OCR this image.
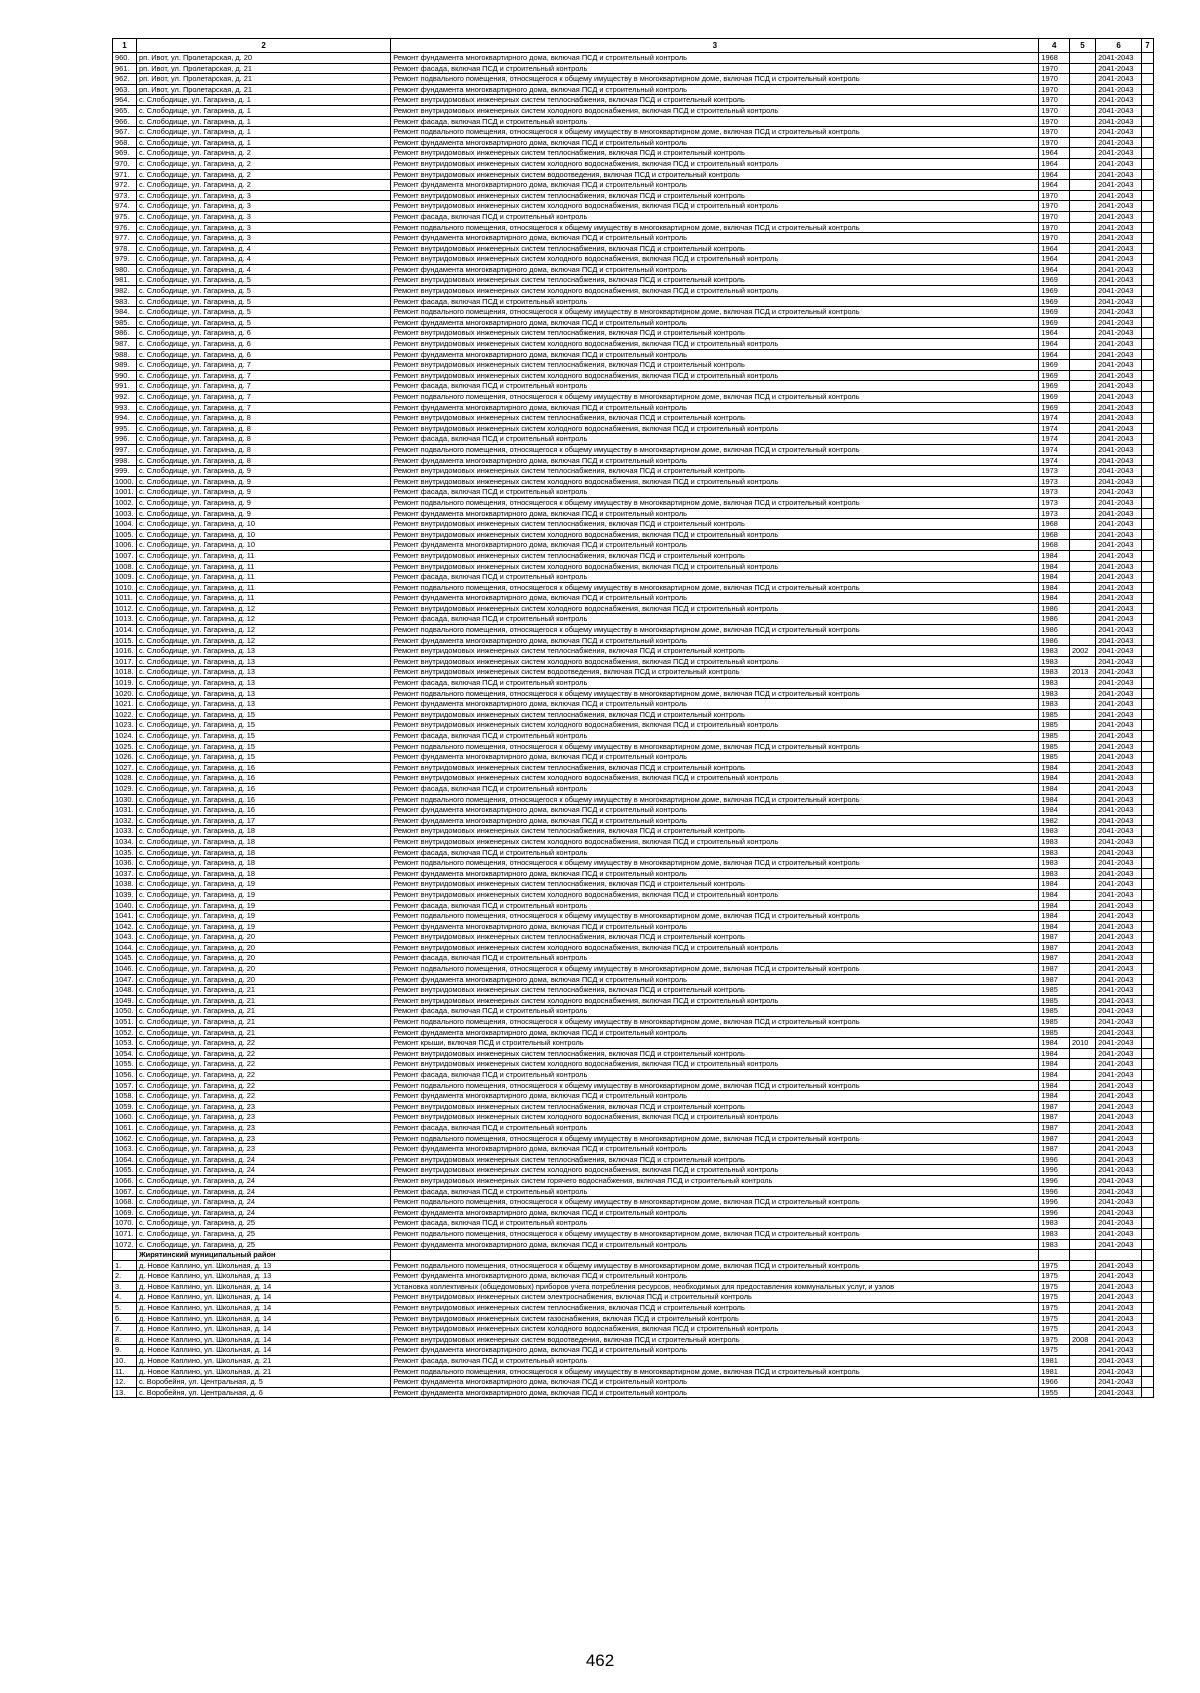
1	2	3	4	5	6	7
960.	рп. Ивот, ул. Пролетарская, д. 20	Ремонт фундамента многоквартирного дома, включая ПСД и строительный контроль	1968		2041-2043	
961.	рп. Ивот, ул. Пролетарская, д. 21	Ремонт фасада, включая ПСД и строительный контроль	1970		2041-2043	
962.	рп. Ивот, ул. Пролетарская, д. 21	Ремонт подвального помещения, относящегося к общему имуществу в многоквартирном доме, включая ПСД и строительный контроль	1970		2041-2043	
963.	рп. Ивот, ул. Пролетарская, д. 21	Ремонт фундамента многоквартирного дома, включая ПСД и строительный контроль	1970		2041-2043	
964.	с. Слободище, ул. Гагарина, д. 1	Ремонт внутридомовых инженерных систем теплоснабжения, включая ПСД и строительный контроль	1970		2041-2043	
965.	с. Слободище, ул. Гагарина, д. 1	Ремонт внутридомовых инженерных систем холодного водоснабжения, включая ПСД и строительный контроль	1970		2041-2043	
966.	с. Слободище, ул. Гагарина, д. 1	Ремонт фасада, включая ПСД и строительный контроль	1970		2041-2043	
967.	с. Слободище, ул. Гагарина, д. 1	Ремонт подвального помещения, относящегося к общему имуществу в многоквартирном доме, включая ПСД и строительный контроль	1970		2041-2043	
968.	с. Слободище, ул. Гагарина, д. 1	Ремонт фундамента многоквартирного дома, включая ПСД и строительный контроль	1970		2041-2043	
969.	с. Слободище, ул. Гагарина, д. 2	Ремонт внутридомовых инженерных систем теплоснабжения, включая ПСД и строительный контроль	1964		2041-2043	
970.	с. Слободище, ул. Гагарина, д. 2	Ремонт внутридомовых инженерных систем холодного водоснабжения, включая ПСД и строительный контроль	1964		2041-2043	
971.	с. Слободище, ул. Гагарина, д. 2	Ремонт внутридомовых инженерных систем водоотведения, включая ПСД и строительный контроль	1964		2041-2043	
972.	с. Слободище, ул. Гагарина, д. 2	Ремонт фундамента многоквартирного дома, включая ПСД и строительный контроль	1964		2041-2043	
973.	с. Слободище, ул. Гагарина, д. 3	Ремонт внутридомовых инженерных систем теплоснабжения, включая ПСД и строительный контроль	1970		2041-2043	
974.	с. Слободище, ул. Гагарина, д. 3	Ремонт внутридомовых инженерных систем холодного водоснабжения, включая ПСД и строительный контроль	1970		2041-2043	
975.	с. Слободище, ул. Гагарина, д. 3	Ремонт фасада, включая ПСД и строительный контроль	1970		2041-2043	
976.	с. Слободище, ул. Гагарина, д. 3	Ремонт подвального помещения, относящегося к общему имуществу в многоквартирном доме, включая ПСД и строительный контроль	1970		2041-2043	
977.	с. Слободище, ул. Гагарина, д. 3	Ремонт фундамента многоквартирного дома, включая ПСД и строительный контроль	1970		2041-2043	
978.	с. Слободище, ул. Гагарина, д. 4	Ремонт внутридомовых инженерных систем теплоснабжения, включая ПСД и строительный контроль	1964		2041-2043	
979.	с. Слободище, ул. Гагарина, д. 4	Ремонт внутридомовых инженерных систем холодного водоснабжения, включая ПСД и строительный контроль	1964		2041-2043	
980.	с. Слободище, ул. Гагарина, д. 4	Ремонт фундамента многоквартирного дома, включая ПСД и строительный контроль	1964		2041-2043	
981.	с. Слободище, ул. Гагарина, д. 5	Ремонт внутридомовых инженерных систем теплоснабжения, включая ПСД и строительный контроль	1969		2041-2043	
982.	с. Слободище, ул. Гагарина, д. 5	Ремонт внутридомовых инженерных систем холодного водоснабжения, включая ПСД и строительный контроль	1969		2041-2043	
983.	с. Слободище, ул. Гагарина, д. 5	Ремонт фасада, включая ПСД и строительный контроль	1969		2041-2043	
984.	с. Слободище, ул. Гагарина, д. 5	Ремонт подвального помещения, относящегося к общему имуществу в многоквартирном доме, включая ПСД и строительный контроль	1969		2041-2043	
985.	с. Слободище, ул. Гагарина, д. 5	Ремонт фундамента многоквартирного дома, включая ПСД и строительный контроль	1969		2041-2043	
986.	с. Слободище, ул. Гагарина, д. 6	Ремонт внутридомовых инженерных систем теплоснабжения, включая ПСД и строительный контроль	1964		2041-2043	
987.	с. Слободище, ул. Гагарина, д. 6	Ремонт внутридомовых инженерных систем холодного водоснабжения, включая ПСД и строительный контроль	1964		2041-2043	
988.	с. Слободище, ул. Гагарина, д. 6	Ремонт фундамента многоквартирного дома, включая ПСД и строительный контроль	1964		2041-2043	
989.	с. Слободище, ул. Гагарина, д. 7	Ремонт внутридомовых инженерных систем теплоснабжения, включая ПСД и строительный контроль	1969		2041-2043	
990.	с. Слободище, ул. Гагарина, д. 7	Ремонт внутридомовых инженерных систем холодного водоснабжения, включая ПСД и строительный контроль	1969		2041-2043	
991.	с. Слободище, ул. Гагарина, д. 7	Ремонт фасада, включая ПСД и строительный контроль	1969		2041-2043	
992.	с. Слободище, ул. Гагарина, д. 7	Ремонт подвального помещения, относящегося к общему имуществу в многоквартирном доме, включая ПСД и строительный контроль	1969		2041-2043	
993.	с. Слободище, ул. Гагарина, д. 7	Ремонт фундамента многоквартирного дома, включая ПСД и строительный контроль	1969		2041-2043	
994.	с. Слободище, ул. Гагарина, д. 8	Ремонт внутридомовых инженерных систем теплоснабжения, включая ПСД и строительный контроль	1974		2041-2043	
995.	с. Слободище, ул. Гагарина, д. 8	Ремонт внутридомовых инженерных систем холодного водоснабжения, включая ПСД и строительный контроль	1974		2041-2043	
996.	с. Слободище, ул. Гагарина, д. 8	Ремонт фасада, включая ПСД и строительный контроль	1974		2041-2043	
997.	с. Слободище, ул. Гагарина, д. 8	Ремонт подвального помещения, относящегося к общему имуществу в многоквартирном доме, включая ПСД и строительный контроль	1974		2041-2043	
998.	с. Слободище, ул. Гагарина, д. 8	Ремонт фундамента многоквартирного дома, включая ПСД и строительный контроль	1974		2041-2043	
999.	с. Слободище, ул. Гагарина, д. 9	Ремонт внутридомовых инженерных систем теплоснабжения, включая ПСД и строительный контроль	1973		2041-2043	
1000.	с. Слободище, ул. Гагарина, д. 9	Ремонт внутридомовых инженерных систем холодного водоснабжения, включая ПСД и строительный контроль	1973		2041-2043	
1001.	с. Слободище, ул. Гагарина, д. 9	Ремонт фасада, включая ПСД и строительный контроль	1973		2041-2043	
1002.	с. Слободище, ул. Гагарина, д. 9	Ремонт подвального помещения, относящегося к общему имуществу в многоквартирном доме, включая ПСД и строительный контроль	1973		2041-2043	
1003.	с. Слободище, ул. Гагарина, д. 9	Ремонт фундамента многоквартирного дома, включая ПСД и строительный контроль	1973		2041-2043	
1004.	с. Слободище, ул. Гагарина, д. 10	Ремонт внутридомовых инженерных систем теплоснабжения, включая ПСД и строительный контроль	1968		2041-2043	
1005.	с. Слободище, ул. Гагарина, д. 10	Ремонт внутридомовых инженерных систем холодного водоснабжения, включая ПСД и строительный контроль	1968		2041-2043	
1006.	с. Слободище, ул. Гагарина, д. 10	Ремонт фундамента многоквартирного дома, включая ПСД и строительный контроль	1968		2041-2043	
1007.	с. Слободище, ул. Гагарина, д. 11	Ремонт внутридомовых инженерных систем теплоснабжения, включая ПСД и строительный контроль	1984		2041-2043	
1008.	с. Слободище, ул. Гагарина, д. 11	Ремонт внутридомовых инженерных систем холодного водоснабжения, включая ПСД и строительный контроль	1984		2041-2043	
1009.	с. Слободище, ул. Гагарина, д. 11	Ремонт фасада, включая ПСД и строительный контроль	1984		2041-2043	
1010.	с. Слободище, ул. Гагарина, д. 11	Ремонт подвального помещения, относящегося к общему имуществу в многоквартирном доме, включая ПСД и строительный контроль	1984		2041-2043	
1011.	с. Слободище, ул. Гагарина, д. 11	Ремонт фундамента многоквартирного дома, включая ПСД и строительный контроль	1984		2041-2043	
1012.	с. Слободище, ул. Гагарина, д. 12	Ремонт внутридомовых инженерных систем холодного водоснабжения, включая ПСД и строительный контроль	1986		2041-2043	
1013.	с. Слободище, ул. Гагарина, д. 12	Ремонт фасада, включая ПСД и строительный контроль	1986		2041-2043	
1014.	с. Слободище, ул. Гагарина, д. 12	Ремонт подвального помещения, относящегося к общему имуществу в многоквартирном доме, включая ПСД и строительный контроль	1986		2041-2043	
1015.	с. Слободище, ул. Гагарина, д. 12	Ремонт фундамента многоквартирного дома, включая ПСД и строительный контроль	1986		2041-2043	
1016.	с. Слободище, ул. Гагарина, д. 13	Ремонт внутридомовых инженерных систем теплоснабжения, включая ПСД и строительный контроль	1983	2002	2041-2043	
1017.	с. Слободище, ул. Гагарина, д. 13	Ремонт внутридомовых инженерных систем холодного водоснабжения, включая ПСД и строительный контроль	1983		2041-2043	
1018.	с. Слободище, ул. Гагарина, д. 13	Ремонт внутридомовых инженерных систем водоотведения, включая ПСД и строительный контроль	1983	2013	2041-2043	
1019.	с. Слободище, ул. Гагарина, д. 13	Ремонт фасада, включая ПСД и строительный контроль	1983		2041-2043	
1020.	с. Слободище, ул. Гагарина, д. 13	Ремонт подвального помещения, относящегося к общему имуществу в многоквартирном доме, включая ПСД и строительный контроль	1983		2041-2043	
1021.	с. Слободище, ул. Гагарина, д. 13	Ремонт фундамента многоквартирного дома, включая ПСД и строительный контроль	1983		2041-2043	
1022.	с. Слободище, ул. Гагарина, д. 15	Ремонт внутридомовых инженерных систем теплоснабжения, включая ПСД и строительный контроль	1985		2041-2043	
1023.	с. Слободище, ул. Гагарина, д. 15	Ремонт внутридомовых инженерных систем холодного водоснабжения, включая ПСД и строительный контроль	1985		2041-2043	
1024.	с. Слободище, ул. Гагарина, д. 15	Ремонт фасада, включая ПСД и строительный контроль	1985		2041-2043	
1025.	с. Слободище, ул. Гагарина, д. 15	Ремонт подвального помещения, относящегося к общему имуществу в многоквартирном доме, включая ПСД и строительный контроль	1985		2041-2043	
1026.	с. Слободище, ул. Гагарина, д. 15	Ремонт фундамента многоквартирного дома, включая ПСД и строительный контроль	1985		2041-2043	
1027.	с. Слободище, ул. Гагарина, д. 16	Ремонт внутридомовых инженерных систем теплоснабжения, включая ПСД и строительный контроль	1984		2041-2043	
1028.	с. Слободище, ул. Гагарина, д. 16	Ремонт внутридомовых инженерных систем холодного водоснабжения, включая ПСД и строительный контроль	1984		2041-2043	
1029.	с. Слободище, ул. Гагарина, д. 16	Ремонт фасада, включая ПСД и строительный контроль	1984		2041-2043	
1030.	с. Слободище, ул. Гагарина, д. 16	Ремонт подвального помещения, относящегося к общему имуществу в многоквартирном доме, включая ПСД и строительный контроль	1984		2041-2043	
1031.	с. Слободище, ул. Гагарина, д. 16	Ремонт фундамента многоквартирного дома, включая ПСД и строительный контроль	1984		2041-2043	
1032.	с. Слободище, ул. Гагарина, д. 17	Ремонт фундамента многоквартирного дома, включая ПСД и строительный контроль	1982		2041-2043	
1033.	с. Слободище, ул. Гагарина, д. 18	Ремонт внутридомовых инженерных систем теплоснабжения, включая ПСД и строительный контроль	1983		2041-2043	
1034.	с. Слободище, ул. Гагарина, д. 18	Ремонт внутридомовых инженерных систем холодного водоснабжения, включая ПСД и строительный контроль	1983		2041-2043	
1035.	с. Слободище, ул. Гагарина, д. 18	Ремонт фасада, включая ПСД и строительный контроль	1983		2041-2043	
1036.	с. Слободище, ул. Гагарина, д. 18	Ремонт подвального помещения, относящегося к общему имуществу в многоквартирном доме, включая ПСД и строительный контроль	1983		2041-2043	
1037.	с. Слободище, ул. Гагарина, д. 18	Ремонт фундамента многоквартирного дома, включая ПСД и строительный контроль	1983		2041-2043	
1038.	с. Слободище, ул. Гагарина, д. 19	Ремонт внутридомовых инженерных систем теплоснабжения, включая ПСД и строительный контроль	1984		2041-2043	
1039.	с. Слободище, ул. Гагарина, д. 19	Ремонт внутридомовых инженерных систем холодного водоснабжения, включая ПСД и строительный контроль	1984		2041-2043	
1040.	с. Слободище, ул. Гагарина, д. 19	Ремонт фасада, включая ПСД и строительный контроль	1984		2041-2043	
1041.	с. Слободище, ул. Гагарина, д. 19	Ремонт подвального помещения, относящегося к общему имуществу в многоквартирном доме, включая ПСД и строительный контроль	1984		2041-2043	
1042.	с. Слободище, ул. Гагарина, д. 19	Ремонт фундамента многоквартирного дома, включая ПСД и строительный контроль	1984		2041-2043	
1043.	с. Слободище, ул. Гагарина, д. 20	Ремонт внутридомовых инженерных систем теплоснабжения, включая ПСД и строительный контроль	1987		2041-2043	
1044.	с. Слободище, ул. Гагарина, д. 20	Ремонт внутридомовых инженерных систем холодного водоснабжения, включая ПСД и строительный контроль	1987		2041-2043	
1045.	с. Слободище, ул. Гагарина, д. 20	Ремонт фасада, включая ПСД и строительный контроль	1987		2041-2043	
1046.	с. Слободище, ул. Гагарина, д. 20	Ремонт подвального помещения, относящегося к общему имуществу в многоквартирном доме, включая ПСД и строительный контроль	1987		2041-2043	
1047.	с. Слободище, ул. Гагарина, д. 20	Ремонт фундамента многоквартирного дома, включая ПСД и строительный контроль	1987		2041-2043	
1048.	с. Слободище, ул. Гагарина, д. 21	Ремонт внутридомовых инженерных систем теплоснабжения, включая ПСД и строительный контроль	1985		2041-2043	
1049.	с. Слободище, ул. Гагарина, д. 21	Ремонт внутридомовых инженерных систем холодного водоснабжения, включая ПСД и строительный контроль	1985		2041-2043	
1050.	с. Слободище, ул. Гагарина, д. 21	Ремонт фасада, включая ПСД и строительный контроль	1985		2041-2043	
1051.	с. Слободище, ул. Гагарина, д. 21	Ремонт подвального помещения, относящегося к общему имуществу в многоквартирном доме, включая ПСД и строительный контроль	1985		2041-2043	
1052.	с. Слободище, ул. Гагарина, д. 21	Ремонт фундамента многоквартирного дома, включая ПСД и строительный контроль	1985		2041-2043	
1053.	с. Слободище, ул. Гагарина, д. 22	Ремонт крыши, включая ПСД и строительный контроль	1984	2010	2041-2043	
1054.	с. Слободище, ул. Гагарина, д. 22	Ремонт внутридомовых инженерных систем теплоснабжения, включая ПСД и строительный контроль	1984		2041-2043	
1055.	с. Слободище, ул. Гагарина, д. 22	Ремонт внутридомовых инженерных систем холодного водоснабжения, включая ПСД и строительный контроль	1984		2041-2043	
1056.	с. Слободище, ул. Гагарина, д. 22	Ремонт фасада, включая ПСД и строительный контроль	1984		2041-2043	
1057.	с. Слободище, ул. Гагарина, д. 22	Ремонт подвального помещения, относящегося к общему имуществу в многоквартирном доме, включая ПСД и строительный контроль	1984		2041-2043	
1058.	с. Слободище, ул. Гагарина, д. 22	Ремонт фундамента многоквартирного дома, включая ПСД и строительный контроль	1984		2041-2043	
1059.	с. Слободище, ул. Гагарина, д. 23	Ремонт внутридомовых инженерных систем теплоснабжения, включая ПСД и строительный контроль	1987		2041-2043	
1060.	с. Слободище, ул. Гагарина, д. 23	Ремонт внутридомовых инженерных систем холодного водоснабжения, включая ПСД и строительный контроль	1987		2041-2043	
1061.	с. Слободище, ул. Гагарина, д. 23	Ремонт фасада, включая ПСД и строительный контроль	1987		2041-2043	
1062.	с. Слободище, ул. Гагарина, д. 23	Ремонт подвального помещения, относящегося к общему имуществу в многоквартирном доме, включая ПСД и строительный контроль	1987		2041-2043	
1063.	с. Слободище, ул. Гагарина, д. 23	Ремонт фундамента многоквартирного дома, включая ПСД и строительный контроль	1987		2041-2043	
1064.	с. Слободище, ул. Гагарина, д. 24	Ремонт внутридомовых инженерных систем теплоснабжения, включая ПСД и строительный контроль	1996		2041-2043	
1065.	с. Слободище, ул. Гагарина, д. 24	Ремонт внутридомовых инженерных систем холодного водоснабжения, включая ПСД и строительный контроль	1996		2041-2043	
1066.	с. Слободище, ул. Гагарина, д. 24	Ремонт внутридомовых инженерных систем горячего водоснабжения, включая ПСД и строительный контроль	1996		2041-2043	
1067.	с. Слободище, ул. Гагарина, д. 24	Ремонт фасада, включая ПСД и строительный контроль	1996		2041-2043	
1068.	с. Слободище, ул. Гагарина, д. 24	Ремонт подвального помещения, относящегося к общему имуществу в многоквартирном доме, включая ПСД и строительный контроль	1996		2041-2043	
1069.	с. Слободище, ул. Гагарина, д. 24	Ремонт фундамента многоквартирного дома, включая ПСД и строительный контроль	1996		2041-2043	
1070.	с. Слободище, ул. Гагарина, д. 25	Ремонт фасада, включая ПСД и строительный контроль	1983		2041-2043	
1071.	с. Слободище, ул. Гагарина, д. 25	Ремонт подвального помещения, относящегося к общему имуществу в многоквартирном доме, включая ПСД и строительный контроль	1983		2041-2043	
1072.	с. Слободище, ул. Гагарина, д. 25	Ремонт фундамента многоквартирного дома, включая ПСД и строительный контроль	1983		2041-2043	
	Жирятинский муниципальный район					
1.	д. Новое Каплино, ул. Школьная, д. 13	Ремонт подвального помещения, относящегося к общему имуществу в многоквартирном доме, включая ПСД и строительный контроль	1975		2041-2043	
2.	д. Новое Каплино, ул. Школьная, д. 13	Ремонт фундамента многоквартирного дома, включая ПСД и строительный контроль	1975		2041-2043	
3.	д. Новое Каплино, ул. Школьная, д. 14	Установка коллективных (общедомовых) приборов учета потребления ресурсов, необходимых для предоставления коммунальных услуг, и узлов	1975		2041-2043	
4.	д. Новое Каплино, ул. Школьная, д. 14	Ремонт внутридомовых инженерных систем электроснабжения, включая ПСД и строительный контроль	1975		2041-2043	
5.	д. Новое Каплино, ул. Школьная, д. 14	Ремонт внутридомовых инженерных систем теплоснабжения, включая ПСД и строительный контроль	1975		2041-2043	
6.	д. Новое Каплино, ул. Школьная, д. 14	Ремонт внутридомовых инженерных систем газоснабжения, включая ПСД и строительный контроль	1975		2041-2043	
7.	д. Новое Каплино, ул. Школьная, д. 14	Ремонт внутридомовых инженерных систем холодного водоснабжения, включая ПСД и строительный контроль	1975		2041-2043	
8.	д. Новое Каплино, ул. Школьная, д. 14	Ремонт внутридомовых инженерных систем водоотведения, включая ПСД и строительный контроль	1975	2008	2041-2043	
9.	д. Новое Каплино, ул. Школьная, д. 14	Ремонт фундамента многоквартирного дома, включая ПСД и строительный контроль	1975		2041-2043	
10.	д. Новое Каплино, ул. Школьная, д. 21	Ремонт фасада, включая ПСД и строительный контроль	1981		2041-2043	
11.	д. Новое Каплино, ул. Школьная, д. 21	Ремонт подвального помещения, относящегося к общему имуществу в многоквартирном доме, включая ПСД и строительный контроль	1981		2041-2043	
12.	с. Воробейня, ул. Центральная, д. 5	Ремонт фундамента многоквартирного дома, включая ПСД и строительный контроль	1966		2041-2043	
13.	с. Воробейня, ул. Центральная, д. 6	Ремонт фундамента многоквартирного дома, включая ПСД и строительный контроль	1955		2041-2043	
462
